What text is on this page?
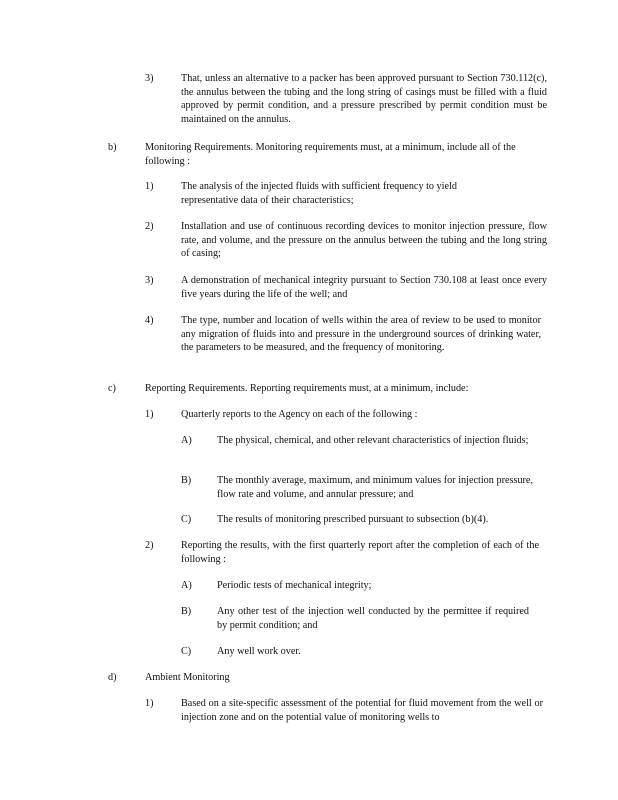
3)	That, unless an alternative to a packer has been approved pursuant to Section 730.112(c), the annulus between the tubing and the long string of casings must be filled with a fluid approved by permit condition, and a pressure prescribed by permit condition must be maintained on the annulus.
b)	Monitoring Requirements. Monitoring requirements must, at a minimum, include all of the following :
1)	The analysis of the injected fluids with sufficient frequency to yield representative data of their characteristics;
2)	Installation and use of continuous recording devices to monitor injection pressure, flow rate, and volume, and the pressure on the annulus between the tubing and the long string of casing;
3)	A demonstration of mechanical integrity pursuant to Section 730.108 at least once every five years during the life of the well; and
4)	The type, number and location of wells within the area of review to be used to monitor any migration of fluids into and pressure in the underground sources of drinking water, the parameters to be measured, and the frequency of monitoring.
c)	Reporting Requirements. Reporting requirements must, at a minimum, include:
1)	Quarterly reports to the Agency on each of the following :
A) The physical, chemical, and other relevant characteristics of injection fluids;
B)	The monthly average, maximum, and minimum values for injection pressure, flow rate and volume, and annular pressure; and
C)	The results of monitoring prescribed pursuant to subsection (b)(4).
2)	Reporting the results, with the first quarterly report after the completion of each of the following :
A) Periodic tests of mechanical integrity;
B)	Any other test of the injection well conducted by the permittee if required by permit condition; and
C)	Any well work over.
d)	Ambient Monitoring
1)	Based on a site-specific assessment of the potential for fluid movement from the well or injection zone and on the potential value of monitoring wells to
